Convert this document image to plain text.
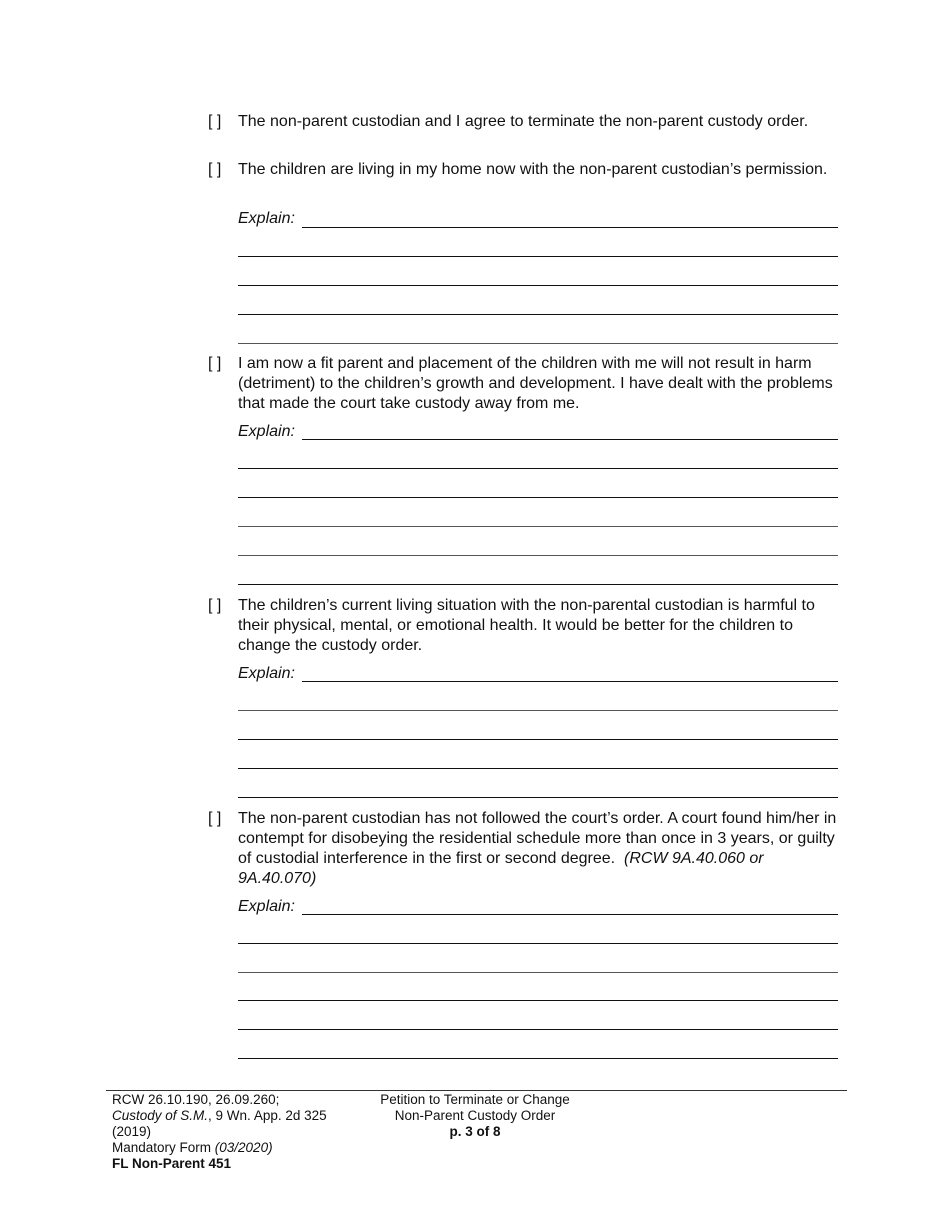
[ ]	The non-parent custodian and I agree to terminate the non-parent custody order.
[ ]	The children are living in my home now with the non-parent custodian’s permission.
Explain:
[ ]	I am now a fit parent and placement of the children with me will not result in harm (detriment) to the children’s growth and development. I have dealt with the problems that made the court take custody away from me.
Explain:
[ ]	The children’s current living situation with the non-parental custodian is harmful to their physical, mental, or emotional health. It would be better for the children to change the custody order.
Explain:
[ ]	The non-parent custodian has not followed the court’s order. A court found him/her in contempt for disobeying the residential schedule more than once in 3 years, or guilty of custodial interference in the first or second degree. (RCW 9A.40.060 or 9A.40.070)
Explain:
RCW 26.10.190, 26.09.260;
Custody of S.M., 9 Wn. App. 2d 325
(2019)
Mandatory Form (03/2020)
FL Non-Parent 451
Petition to Terminate or Change
Non-Parent Custody Order
p. 3 of 8
